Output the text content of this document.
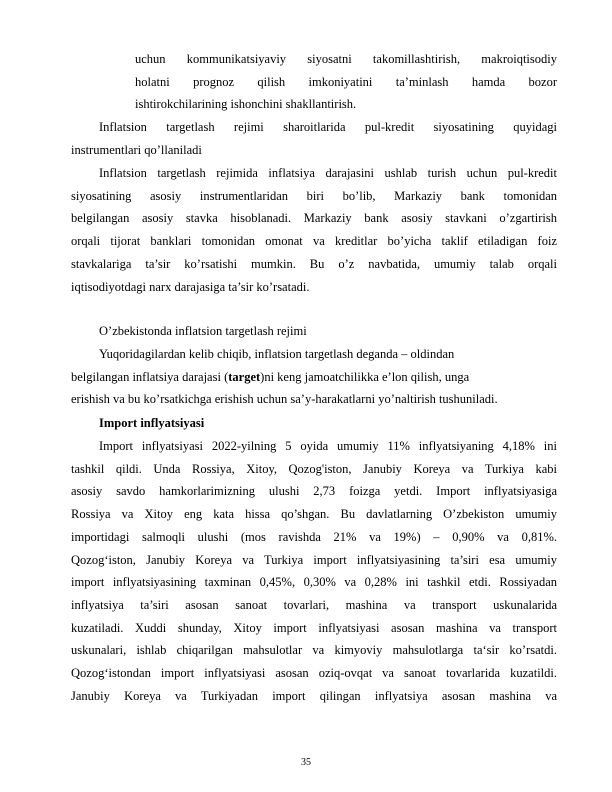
uchun kommunikatsiyaviy siyosatni takomillashtirish, makroiqtisodiy
holatni prognoz qilish imkoniyatini ta’minlash hamda bozor
ishtirokchilarining ishonchini shakllantirish.
Inflatsion targetlash rejimi sharoitlarida pul-kredit siyosatining quyidagi
instrumentlari qo’llaniladi
Inflatsion targetlash rejimida inflatsiya darajasini ushlab turish uchun pul-kredit
siyosatining asosiy instrumentlaridan biri bo’lib, Markaziy bank tomonidan
belgilangan asosiy stavka hisoblanadi. Markaziy bank asosiy stavkani o’zgartirish
orqali tijorat banklari tomonidan omonat va kreditlar bo’yicha taklif etiladigan foiz
stavkalariga ta’sir ko’rsatishi mumkin. Bu o’z navbatida, umumiy talab orqali
iqtisodiyotdagi narx darajasiga ta’sir ko’rsatadi.
O’zbekistonda inflatsion targetlash rejimi
Yuqoridagilardan kelib chiqib, inflatsion targetlash deganda – oldindan
belgilangan inflatsiya darajasi (target)ni keng jamoatchilikka e’lon qilish, unga
erishish va bu ko’rsatkichga erishish uchun sa’y-harakatlarni yo’naltirish tushuniladi.
Import inflyatsiyasi
Import inflyatsiyasi 2022-yilning 5 oyida umumiy 11% inflyatsiyaning 4,18% ini
tashkil qildi. Unda Rossiya, Xitoy, Qozog'iston, Janubiy Koreya va Turkiya kabi
asosiy savdo hamkorlarimizning ulushi 2,73 foizga yetdi. Import inflyatsiyasiga
Rossiya va Xitoy eng kata hissa qo’shgan. Bu davlatlarning O’zbekiston umumiy
importidagi salmoqli ulushi (mos ravishda 21% va 19%) – 0,90% va 0,81%.
Qozog‘iston, Janubiy Koreya va Turkiya import inflyatsiyasining ta’siri esa umumiy
import inflyatsiyasining taxminan 0,45%, 0,30% va 0,28% ini tashkil etdi. Rossiyadan
inflyatsiya ta’siri asosan sanoat tovarlari, mashina va transport uskunalarida
kuzatiladi. Xuddi shunday, Xitoy import inflyatsiyasi asosan mashina va transport
uskunalari, ishlab chiqarilgan mahsulotlar va kimyoviy mahsulotlarga ta‘sir ko’rsatdi.
Qozog‘istondan import inflyatsiyasi asosan oziq-ovqat va sanoat tovarlarida kuzatildi.
Janubiy Koreya va Turkiyadan import qilingan inflyatsiya asosan mashina va
35
